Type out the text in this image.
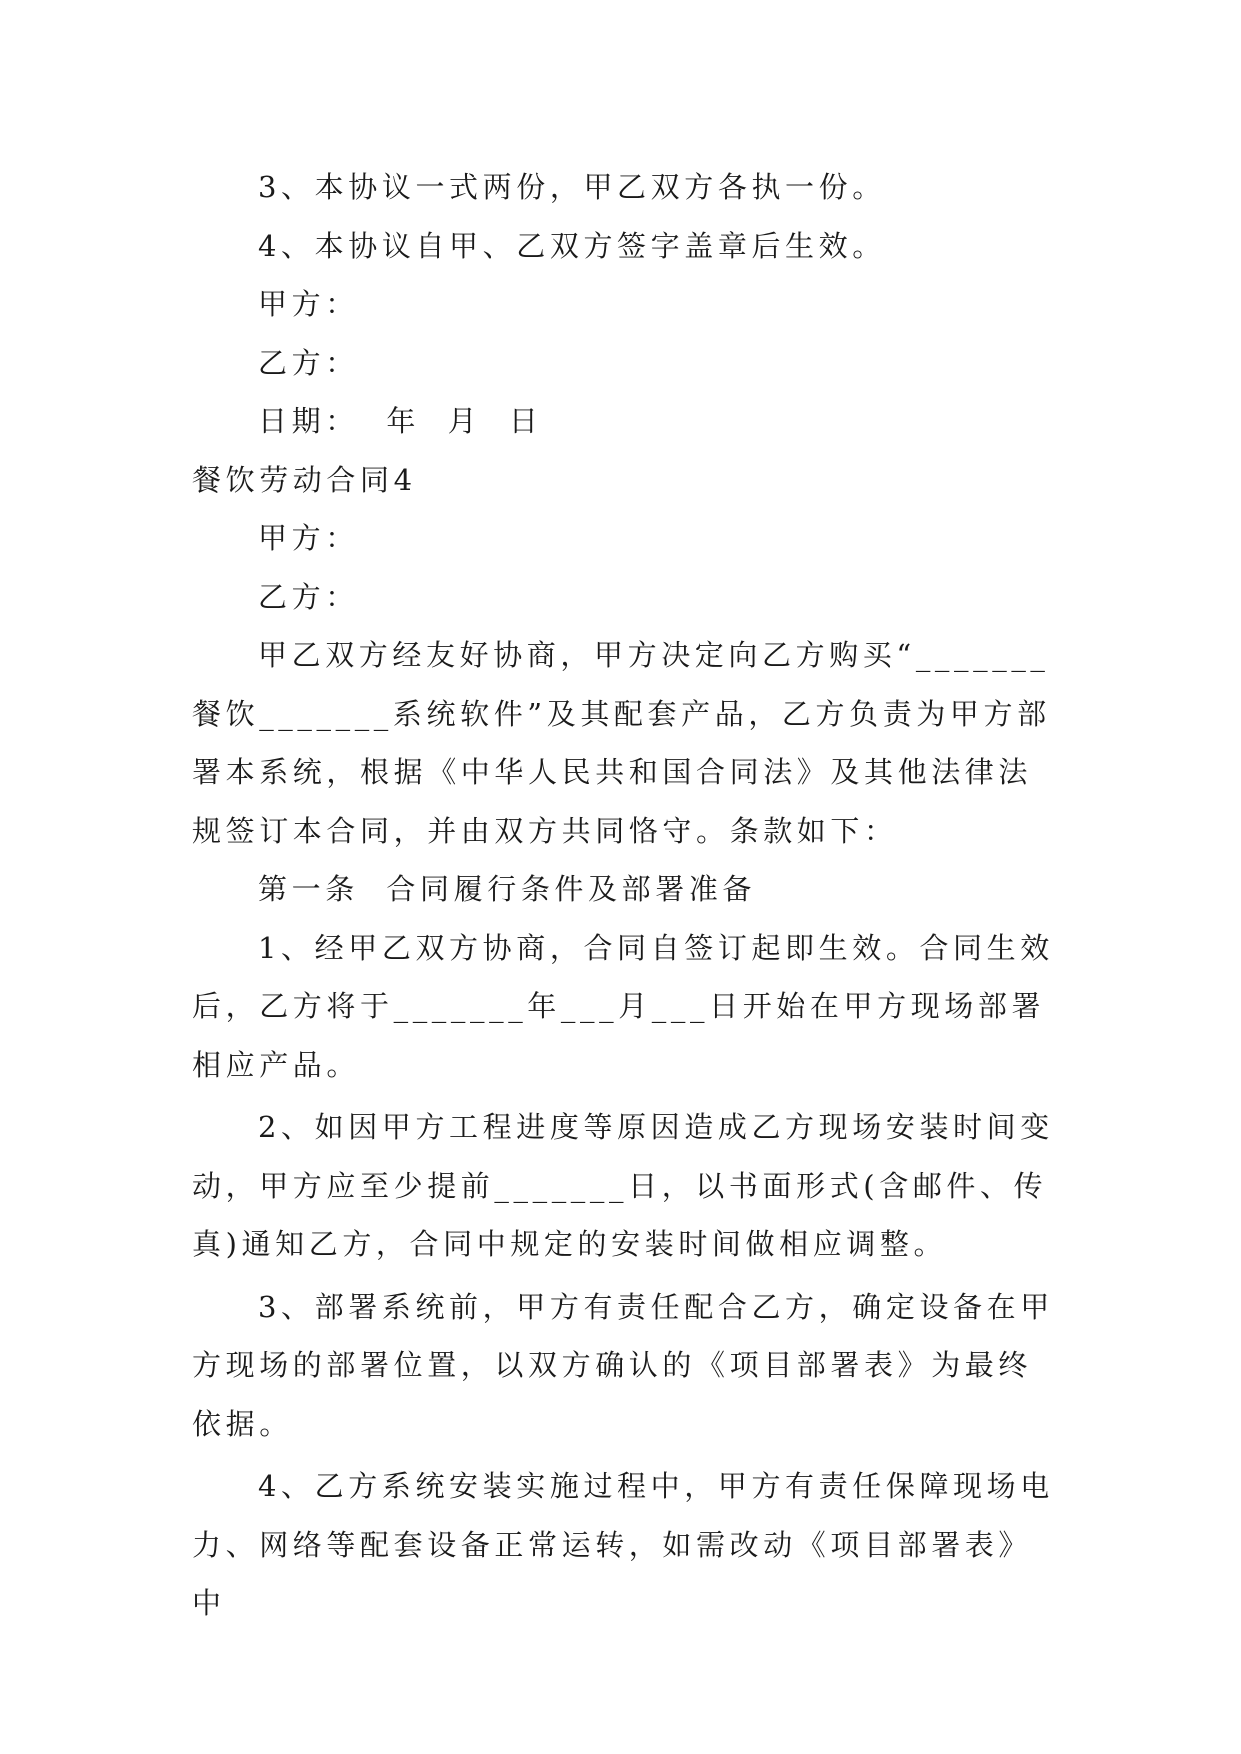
3、本协议一式两份，甲乙双方各执一份。

4、本协议自甲、乙双方签字盖章后生效。

甲方：

乙方：

日期：  年  月  日

餐饮劳动合同4

甲方：

乙方：

甲乙双方经友好协商，甲方决定向乙方购买“_______餐饮_______系统软件”及其配套产品，乙方负责为甲方部署本系统，根据《中华人民共和国合同法》及其他法律法规签订本合同，并由双方共同恪守。条款如下：

第一条  合同履行条件及部署准备

1、经甲乙双方协商，合同自签订起即生效。合同生效后，乙方将于_______年___月___日开始在甲方现场部署相应产品。

2、如因甲方工程进度等原因造成乙方现场安装时间变动，甲方应至少提前_______日，以书面形式(含邮件、传真)通知乙方，合同中规定的安装时间做相应调整。

3、部署系统前，甲方有责任配合乙方，确定设备在甲方现场的部署位置，以双方确认的《项目部署表》为最终依据。

4、乙方系统安装实施过程中，甲方有责任保障现场电力、网络等配套设备正常运转，如需改动《项目部署表》中
